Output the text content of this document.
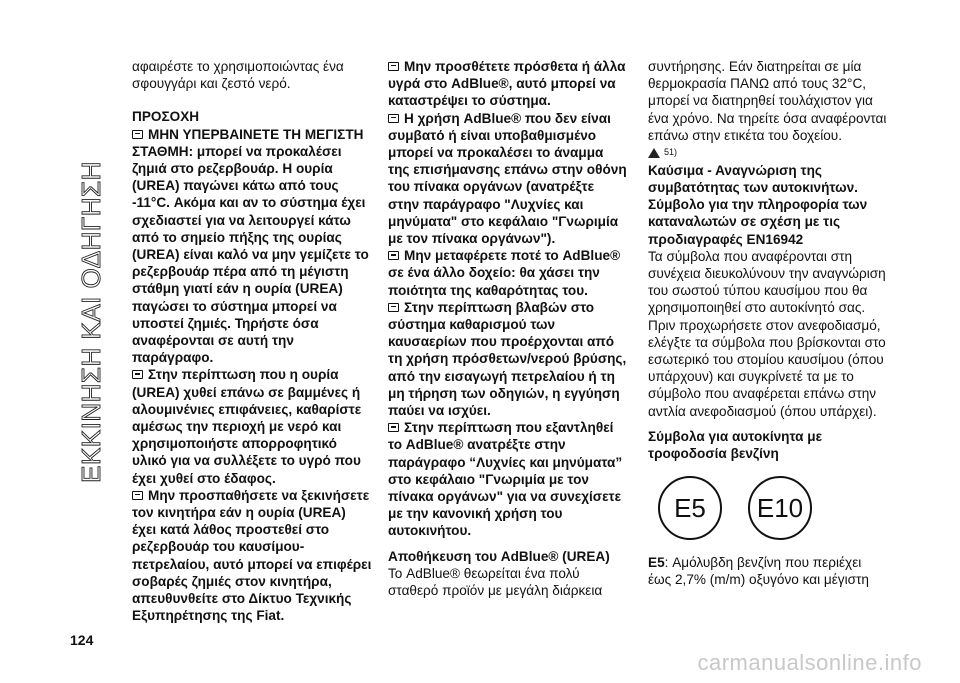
ΕΚΚΙΝΗΣΗ ΚΑΙ ΟΔΗΓΗΣΗ

αφαιρέστε το χρησιμοποιώντας ένα σφουγγάρι και ζεστό νερό.

ΠΡΟΣΟΧΗ

ΜΗΝ ΥΠΕΡΒΑΙΝΕΤΕ ΤΗ ΜΕΓΙΣΤΗ ΣΤΑΘΜΗ: μπορεί να προκαλέσει ζημιά στο ρεζερβουάρ. Η ουρία (UREA) παγώνει κάτω από τους -11°C. Ακόμα και αν το σύστημα έχει σχεδιαστεί για να λειτουργεί κάτω από το σημείο πήξης της ουρίας (UREA) είναι καλό να μην γεμίζετε το ρεζερβουάρ πέρα από τη μέγιστη στάθμη γιατί εάν η ουρία (UREA) παγώσει το σύστημα μπορεί να υποστεί ζημιές. Τηρήστε όσα αναφέρονται σε αυτή την παράγραφο.

Στην περίπτωση που η ουρία (UREA) χυθεί επάνω σε βαμμένες ή αλουμινένιες επιφάνειες, καθαρίστε αμέσως την περιοχή με νερό και χρησιμοποιήστε απορροφητικό υλικό για να συλλέξετε το υγρό που έχει χυθεί στο έδαφος.

Μην προσπαθήσετε να ξεκινήσετε τον κινητήρα εάν η ουρία (UREA) έχει κατά λάθος προστεθεί στο ρεζερβουάρ του καυσίμου-πετρελαίου, αυτό μπορεί να επιφέρει σοβαρές ζημιές στον κινητήρα, απευθυνθείτε στο Δίκτυο Τεχνικής Εξυπηρέτησης της Fiat.

Μην προσθέτετε πρόσθετα ή άλλα υγρά στο AdBlue®, αυτό μπορεί να καταστρέψει το σύστημα.

Η χρήση AdBlue® που δεν είναι συμβατό ή είναι υποβαθμισμένο μπορεί να προκαλέσει το άναμμα της επισήμανσης επάνω στην οθόνη του πίνακα οργάνων (ανατρέξτε στην παράγραφο "Λυχνίες και μηνύματα" στο κεφάλαιο "Γνωριμία με τον πίνακα οργάνων").

Μην μεταφέρετε ποτέ το AdBlue® σε ένα άλλο δοχείο: θα χάσει την ποιότητα της καθαρότητας του.

Στην περίπτωση βλαβών στο σύστημα καθαρισμού των καυσαερίων που προέρχονται από τη χρήση πρόσθετων/νερού βρύσης, από την εισαγωγή πετρελαίου ή τη μη τήρηση των οδηγιών, η εγγύηση παύει να ισχύει.

Στην περίπτωση που εξαντληθεί το AdBlue® ανατρέξτε στην παράγραφο “Λυχνίες και μηνύματα” στο κεφάλαιο "Γνωριμία με τον πίνακα οργάνων" για να συνεχίσετε με την κανονική χρήση του αυτοκινήτου.

Αποθήκευση του AdBlue® (UREA)

Το AdBlue® θεωρείται ένα πολύ σταθερό προϊόν με μεγάλη διάρκεια

συντήρησης. Εάν διατηρείται σε μία θερμοκρασία ΠΑΝΩ από τους 32°C, μπορεί να διατηρηθεί τουλάχιστον για ένα χρόνο. Να τηρείτε όσα αναφέρονται επάνω στην ετικέτα του δοχείου.

51)

Καύσιμα - Αναγνώριση της συμβατότητας των αυτοκινήτων. Σύμβολο για την πληροφορία των καταναλωτών σε σχέση με τις προδιαγραφές EN16942

Τα σύμβολα που αναφέρονται στη συνέχεια διευκολύνουν την αναγνώριση του σωστού τύπου καυσίμου που θα χρησιμοποιηθεί στο αυτοκίνητό σας.

Πριν προχωρήσετε στον ανεφοδιασμό, ελέγξτε τα σύμβολα που βρίσκονται στο εσωτερικό του στομίου καυσίμου (όπου υπάρχουν) και συγκρίνετέ τα με το σύμβολο που αναφέρεται επάνω στην αντλία ανεφοδιασμού (όπου υπάρχει).

Σύμβολα για αυτοκίνητα με τροφοδοσία βενζίνη

E5	E10

E5: Αμόλυβδη βενζίνη που περιέχει έως 2,7% (m/m) οξυγόνο και μέγιστη

124
carmanualsonline.info
